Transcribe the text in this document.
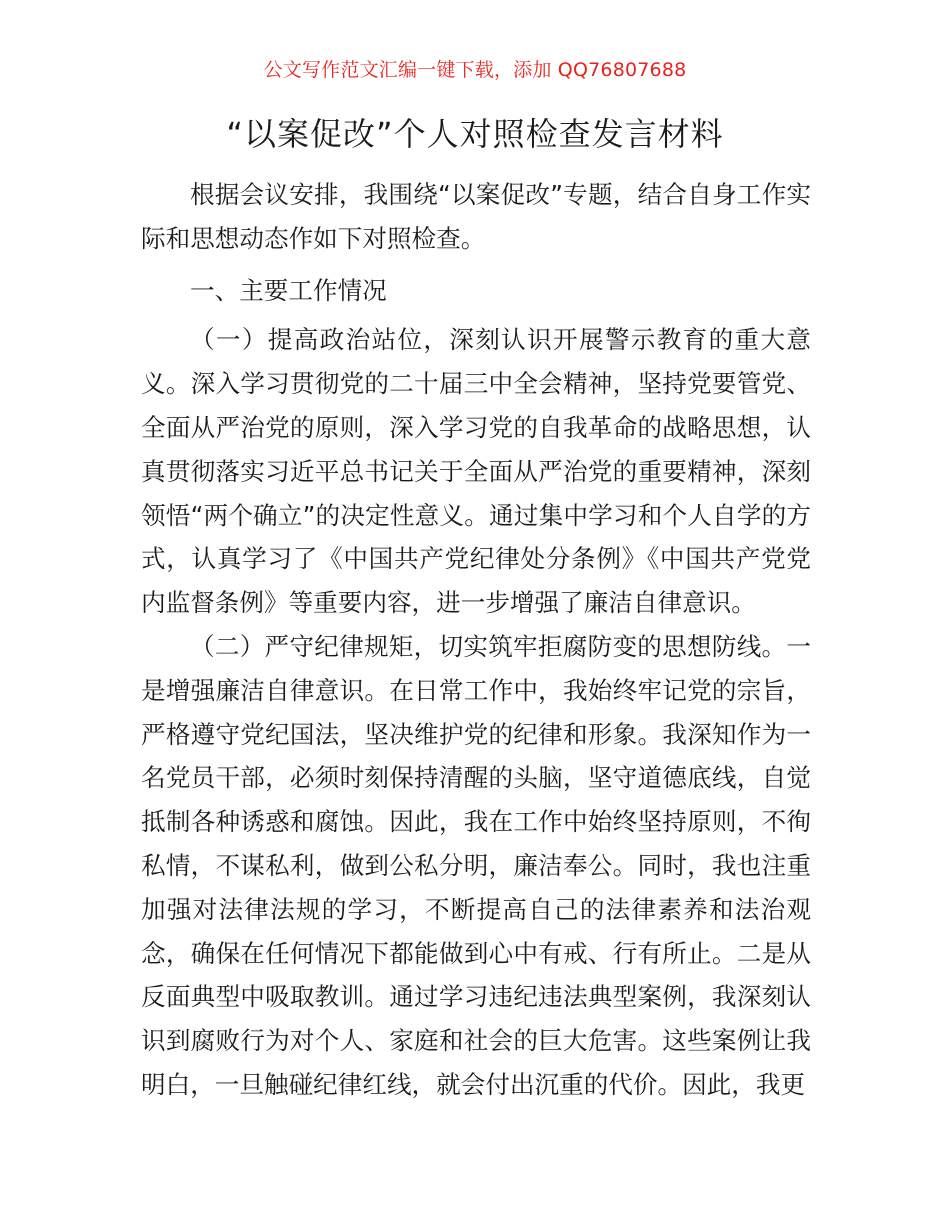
公文写作范文汇编一键下载，添加 QQ76807688
“以案促改”个人对照检查发言材料

根据会议安排，我围绕“以案促改”专题，结合自身工作实际和思想动态作如下对照检查。

一、主要工作情况

（一）提高政治站位，深刻认识开展警示教育的重大意义。深入学习贯彻党的二十届三中全会精神，坚持党要管党、全面从严治党的原则，深入学习党的自我革命的战略思想，认真贯彻落实习近平总书记关于全面从严治党的重要精神，深刻领悟“两个确立”的决定性意义。通过集中学习和个人自学的方式，认真学习了《中国共产党纪律处分条例》《中国共产党党内监督条例》等重要内容，进一步增强了廉洁自律意识。

（二）严守纪律规矩，切实筑牢拒腐防变的思想防线。一是增强廉洁自律意识。在日常工作中，我始终牢记党的宗旨，严格遵守党纪国法，坚决维护党的纪律和形象。我深知作为一名党员干部，必须时刻保持清醒的头脑，坚守道德底线，自觉抵制各种诱惑和腐蚀。因此，我在工作中始终坚持原则，不徇私情，不谋私利，做到公私分明，廉洁奉公。同时，我也注重加强对法律法规的学习，不断提高自己的法律素养和法治观念，确保在任何情况下都能做到心中有戒、行有所止。二是从反面典型中吸取教训。通过学习违纪违法典型案例，我深刻认识到腐败行为对个人、家庭和社会的巨大危害。这些案例让我明白，一旦触碰纪律红线，就会付出沉重的代价。因此，我更
